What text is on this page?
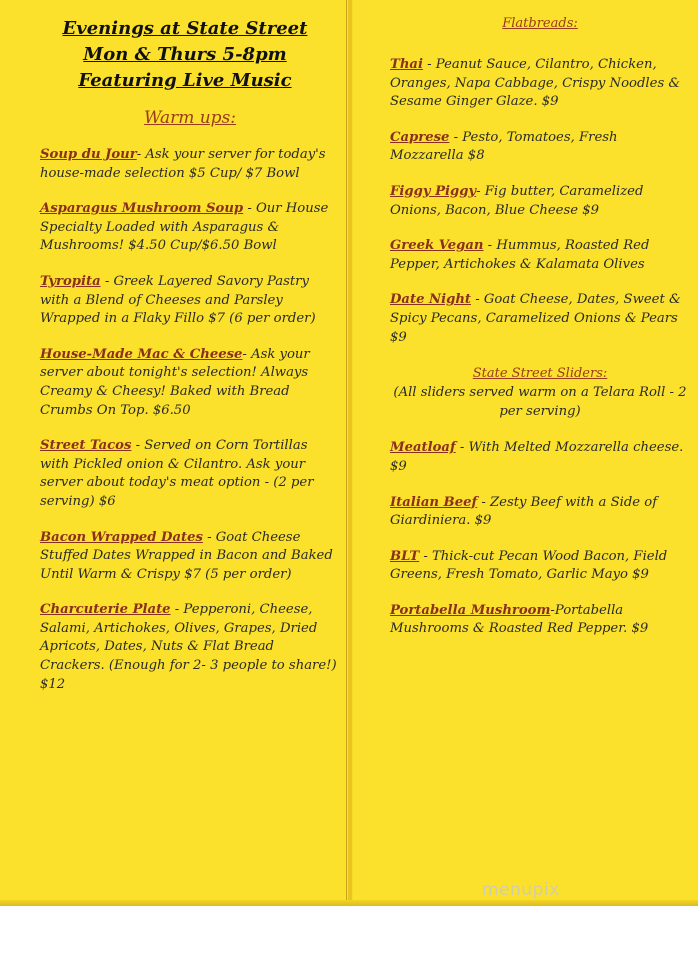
Evenings at State Street
Mon & Thurs 5-8pm
Featuring Live Music
Warm ups:
Soup du Jour- Ask your server for today's house-made selection $5 Cup/ $7 Bowl
Asparagus Mushroom Soup - Our House Specialty Loaded with Asparagus & Mushrooms! $4.50 Cup/$6.50 Bowl
Tyropita - Greek Layered Savory Pastry with a Blend of Cheeses and Parsley Wrapped in a Flaky Fillo $7 (6 per order)
House-Made Mac & Cheese- Ask your server about tonight's selection! Always Creamy & Cheesy! Baked with Bread Crumbs On Top. $6.50
Street Tacos - Served on Corn Tortillas with Pickled onion & Cilantro. Ask your server about today's meat option - (2 per serving) $6
Bacon Wrapped Dates - Goat Cheese Stuffed Dates Wrapped in Bacon and Baked Until Warm & Crispy $7 (5 per order)
Charcuterie Plate - Pepperoni, Cheese, Salami, Artichokes, Olives, Grapes, Dried Apricots, Dates, Nuts & Flat Bread Crackers. (Enough for 2- 3 people to share!) $12
Flatbreads:
Thai - Peanut Sauce, Cilantro, Chicken, Oranges, Napa Cabbage, Crispy Noodles & Sesame Ginger Glaze. $9
Caprese - Pesto, Tomatoes, Fresh Mozzarella $8
Figgy Piggy- Fig butter, Caramelized Onions, Bacon, Blue Cheese $9
Greek Vegan - Hummus, Roasted Red Pepper, Artichokes & Kalamata Olives
Date Night - Goat Cheese, Dates, Sweet & Spicy Pecans, Caramelized Onions & Pears $9
State Street Sliders:
(All sliders served warm on a Telara Roll - 2 per serving)
Meatloaf - With Melted Mozzarella cheese. $9
Italian Beef - Zesty Beef with a Side of Giardiniera. $9
BLT - Thick-cut Pecan Wood Bacon, Field Greens, Fresh Tomato, Garlic Mayo $9
Portabella Mushroom-Portabella Mushrooms & Roasted Red Pepper. $9
menupix
